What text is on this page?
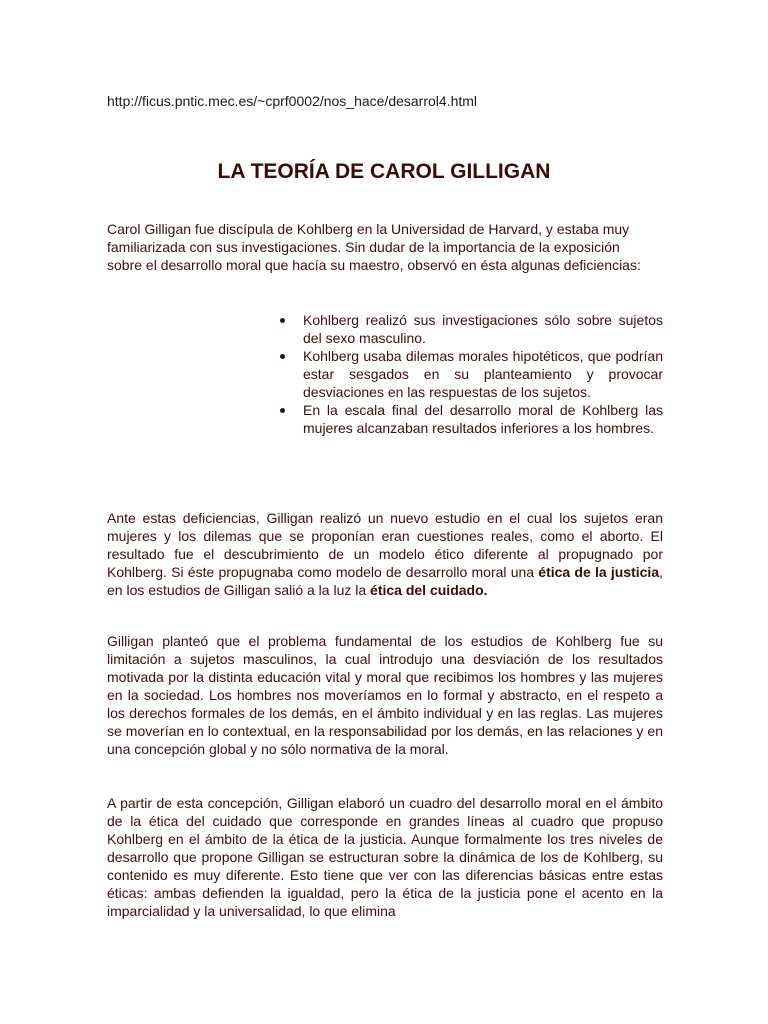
http://ficus.pntic.mec.es/~cprf0002/nos_hace/desarrol4.html
LA TEORÍA DE CAROL GILLIGAN
Carol Gilligan fue discípula de Kohlberg en la Universidad de Harvard, y estaba muy familiarizada con sus investigaciones. Sin dudar de la importancia de la exposición sobre el desarrollo moral que hacía su maestro, observó en ésta algunas deficiencias:
Kohlberg realizó sus investigaciones sólo sobre sujetos del sexo masculino.
Kohlberg usaba dilemas morales hipotéticos, que podrían estar sesgados en su planteamiento y provocar desviaciones en las respuestas de los sujetos.
En la escala final del desarrollo moral de Kohlberg las mujeres alcanzaban resultados inferiores a los hombres.

Ante estas deficiencias, Gilligan realizó un nuevo estudio en el cual los sujetos eran mujeres y los dilemas que se proponían eran cuestiones reales, como el aborto. El resultado fue el descubrimiento de un modelo ético diferente al propugnado por Kohlberg. Si éste propugnaba como modelo de desarrollo moral una ética de la justicia, en los estudios de Gilligan salió a la luz la ética del cuidado.

Gilligan planteó que el problema fundamental de los estudios de Kohlberg fue su limitación a sujetos masculinos, la cual introdujo una desviación de los resultados motivada por la distinta educación vital y moral que recibimos los hombres y las mujeres en la sociedad. Los hombres nos moveríamos en lo formal y abstracto, en el respeto a los derechos formales de los demás, en el ámbito individual y en las reglas. Las mujeres se moverían en lo contextual, en la responsabilidad por los demás, en las relaciones y en una concepción global y no sólo normativa de la moral.

A partir de esta concepción, Gilligan elaboró un cuadro del desarrollo moral en el ámbito de la ética del cuidado que corresponde en grandes líneas al cuadro que propuso Kohlberg en el ámbito de la ética de la justicia. Aunque formalmente los tres niveles de desarrollo que propone Gilligan se estructuran sobre la dinámica de los de Kohlberg, su contenido es muy diferente. Esto tiene que ver con las diferencias básicas entre estas éticas: ambas defienden la igualdad, pero la ética de la justicia pone el acento en la imparcialidad y la universalidad, lo que elimina
